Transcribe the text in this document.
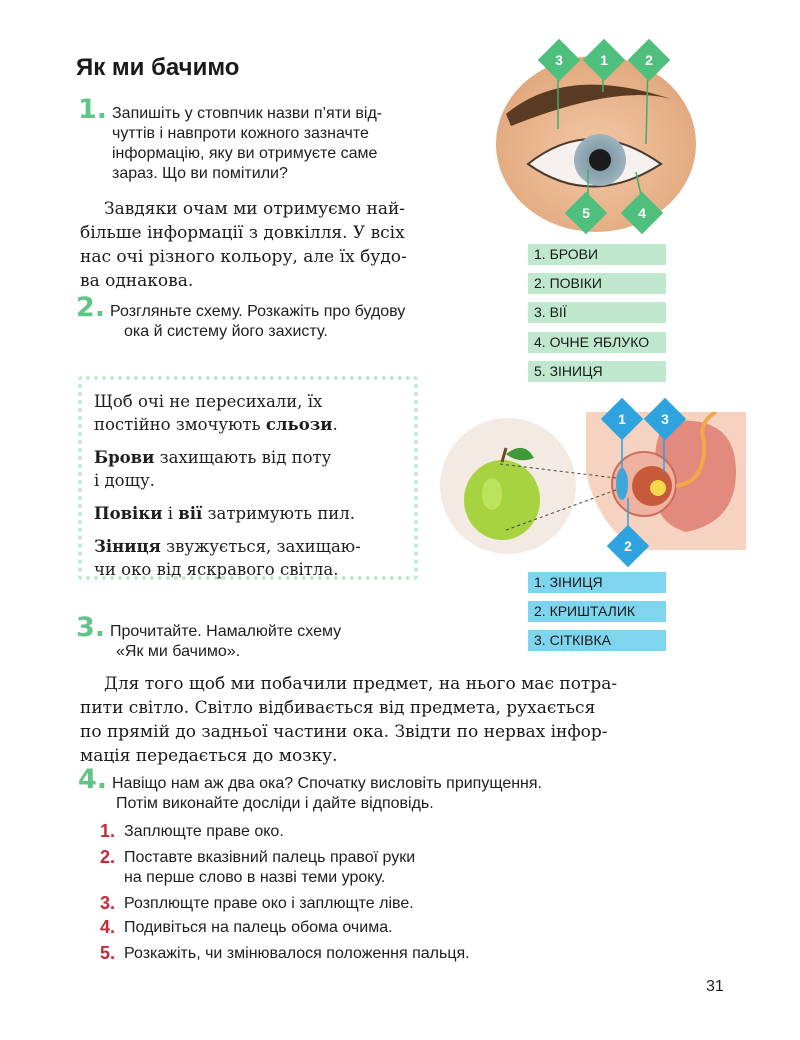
Як ми бачимо
1. Запишіть у стовпчик назви п’яти від-
чуттів і навпроти кожного зазначте
інформацію, яку ви отримуєте саме
зараз. Що ви помітили?
Завдяки очам ми отримуємо най-
більше інформації з довкілля. У всіх
нас очі різного кольору, але їх будо-
ва однакова.
2. Розгляньте схему. Розкажіть про будову
ока й систему його захисту.

Щоб очі не пересихали, їх
постійно змочують сльози.

Брови захищають від поту
і дощу.

Повіки і вії затримують пил.

Зіниця звужується, захищаю-
чи око від яскравого світла.

3. Прочитайте. Намалюйте схему
«Як ми бачимо».
Для того щоб ми побачили предмет, на нього має потра-
пити світло. Світло відбивається від предмета, рухається
по прямій до задньої частини ока. Звідти по нервах інфор-
мація передається до мозку.
4. Навіщо нам аж два ока? Спочатку висловіть припущення.
Потім виконайте досліди і дайте відповідь.
1. Заплющте праве око.
2. Поставте вказівний палець правої руки
на перше слово в назві теми уроку.
3. Розплющте праве око і заплющте ліве.
4. Подивіться на палець обома очима.
5. Розкажіть, чи змінювалося положення пальця.
3	1	2
5	4
1. БРОВИ
2. ПОВІКИ
3. ВІЇ
4. ОЧНЕ ЯБЛУКО
5. ЗІНИЦЯ
1	3
2
1. ЗІНИЦЯ
2. КРИШТАЛИК
3. СІТКІВКА
31
